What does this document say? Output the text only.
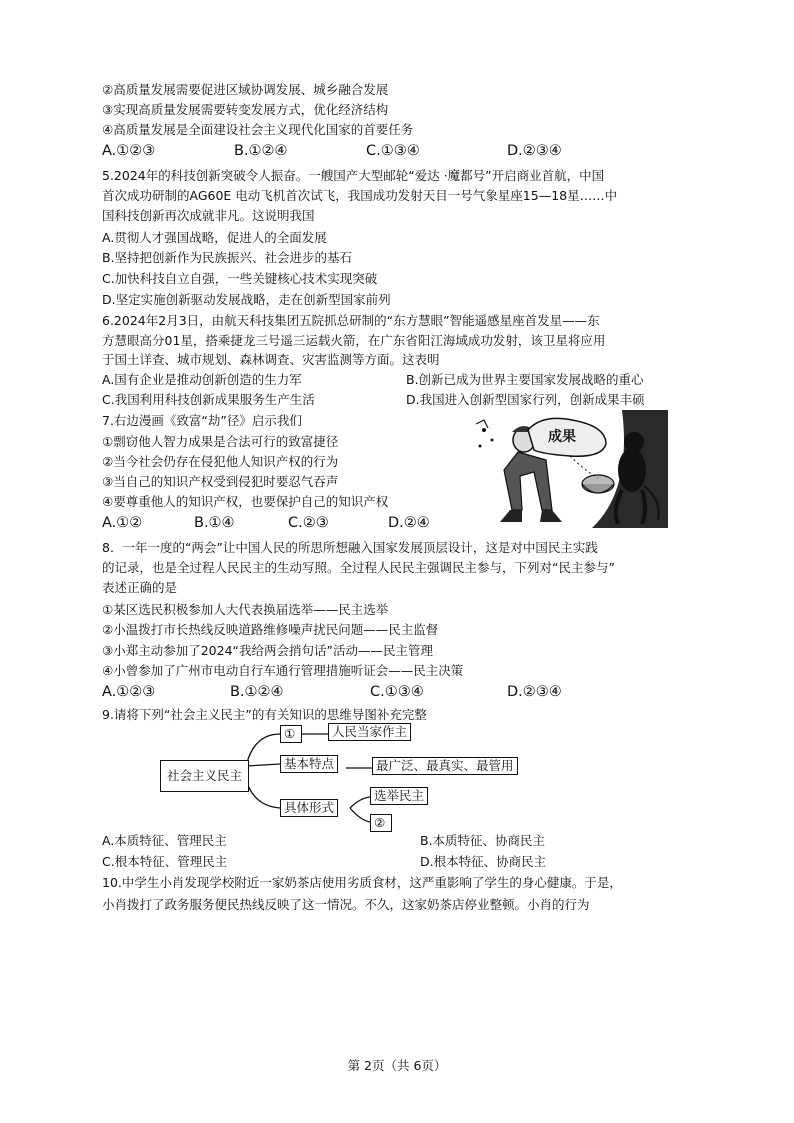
②高质量发展需要促进区域协调发展、城乡融合发展
③实现高质量发展需要转变发展方式，优化经济结构
④高质量发展是全面建设社会主义现代化国家的首要任务
A.①②③	B.①②④	C.①③④	D.②③④
5.2024年的科技创新突破令人振奋。一艘国产大型邮轮“爱达 ·魔都号”开启商业首航，中国
首次成功研制的AG60E 电动飞机首次试飞，我国成功发射天目一号气象星座15—18星……中
国科技创新再次成就非凡。这说明我国
A.贯彻人才强国战略，促进人的全面发展
B.坚持把创新作为民族振兴、社会进步的基石
C.加快科技自立自强，一些关键核心技术实现突破
D.坚定实施创新驱动发展战略，走在创新型国家前列
6.2024年2月3日，由航天科技集团五院抓总研制的“东方慧眼”智能遥感星座首发星——东
方慧眼高分01星，搭乘捷龙三号遥三运载火箭，在广东省阳江海域成功发射，该卫星将应用
于国土详查、城市规划、森林调查、灾害监测等方面。这表明
A.国有企业是推动创新创造的生力军	B.创新已成为世界主要国家发展战略的重心
C.我国利用科技创新成果服务生产生活	D.我国进入创新型国家行列，创新成果丰硕
7.右边漫画《致富“劫”径》启示我们
①剽窃他人智力成果是合法可行的致富捷径
②当今社会仍存在侵犯他人知识产权的行为
③当自己的知识产权受到侵犯时要忍气吞声
④要尊重他人的知识产权，也要保护自己的知识产权
A.①②	B.①④	C.②③	D.②④
成果
8．一年一度的“两会”让中国人民的所思所想融入国家发展顶层设计，这是对中国民主实践
的记录，也是全过程人民民主的生动写照。全过程人民民主强调民主参与，下列对“民主参与”
表述正确的是
①某区选民积极参加人大代表换届选举——民主选举
②小温拨打市长热线反映道路维修噪声扰民问题——民主监督
③小郑主动参加了2024“我给两会捎句话”活动——民主管理
④小曾参加了广州市电动自行车通行管理措施听证会——民主决策
A.①②③	B.①②④	C.①③④	D.②③④
9.请将下列“社会主义民主”的有关知识的思维导图补充完整
社会主义民主
①	人民当家作主
基本特点	最广泛、最真实、最管用
具体形式
选举民主
②
A.本质特征、管理民主	B.本质特征、协商民主
C.根本特征、管理民主	D.根本特征、协商民主
10.中学生小肖发现学校附近一家奶茶店使用劣质食材，这严重影响了学生的身心健康。于是，
小肖拨打了政务服务便民热线反映了这一情况。不久，这家奶茶店停业整顿。小肖的行为
第 2页（共 6页）
